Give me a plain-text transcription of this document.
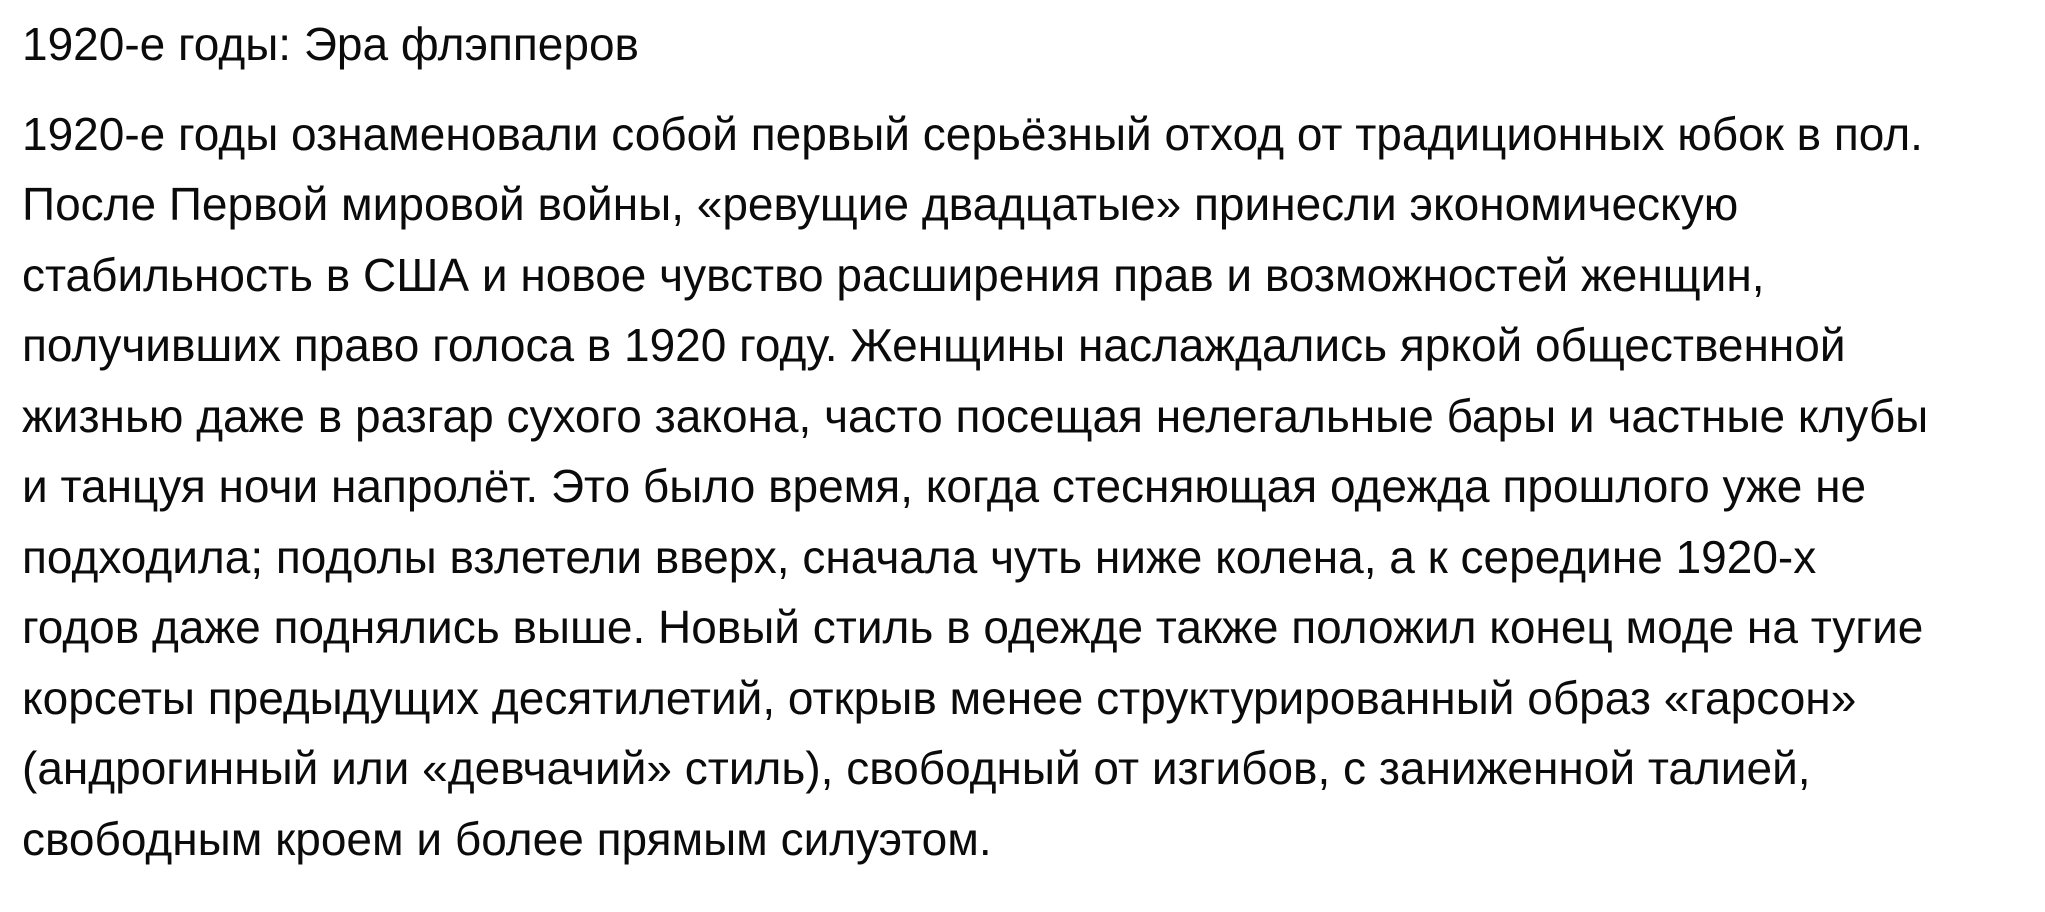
1920-е годы: Эра флэпперов
1920-е годы ознаменовали собой первый серьёзный отход от традиционных юбок в пол.
После Первой мировой войны, «ревущие двадцатые» принесли экономическую
стабильность в США и новое чувство расширения прав и возможностей женщин,
получивших право голоса в 1920 году. Женщины наслаждались яркой общественной
жизнью даже в разгар сухого закона, часто посещая нелегальные бары и частные клубы
и танцуя ночи напролёт. Это было время, когда стесняющая одежда прошлого уже не
подходила; подолы взлетели вверх, сначала чуть ниже колена, а к середине 1920-х
годов даже поднялись выше. Новый стиль в одежде также положил конец моде на тугие
корсеты предыдущих десятилетий, открыв менее структурированный образ «гарсон»
(андрогинный или «девчачий» стиль), свободный от изгибов, с заниженной талией,
свободным кроем и более прямым силуэтом.
